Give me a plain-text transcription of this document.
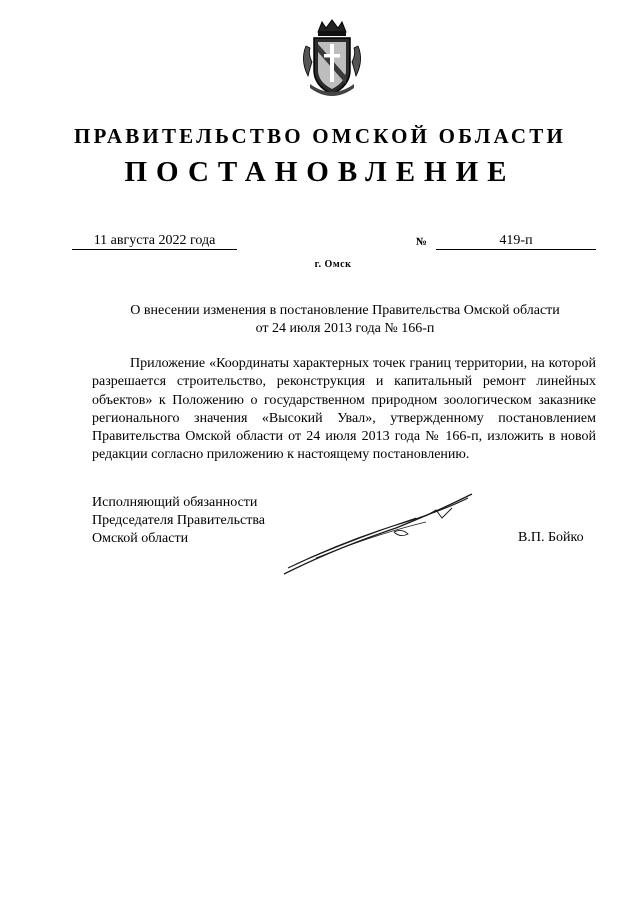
ПРАВИТЕЛЬСТВО ОМСКОЙ ОБЛАСТИ
ПОСТАНОВЛЕНИЕ
11 августа 2022 года	№	419-п
г. Омск
О внесении изменения в постановление Правительства Омской области
от 24 июля 2013 года № 166-п

Приложение «Координаты характерных точек границ территории, на которой разрешается строительство, реконструкция и капитальный ремонт линейных объектов» к Положению о государственном природном зоологическом заказнике регионального значения «Высокий Увал», утвержденному постановлением Правительства Омской области от 24 июля 2013 года № 166-п, изложить в новой редакции согласно приложению к настоящему постановлению.

Исполняющий обязанности
Председателя Правительства
Омской области	В.П. Бойко
